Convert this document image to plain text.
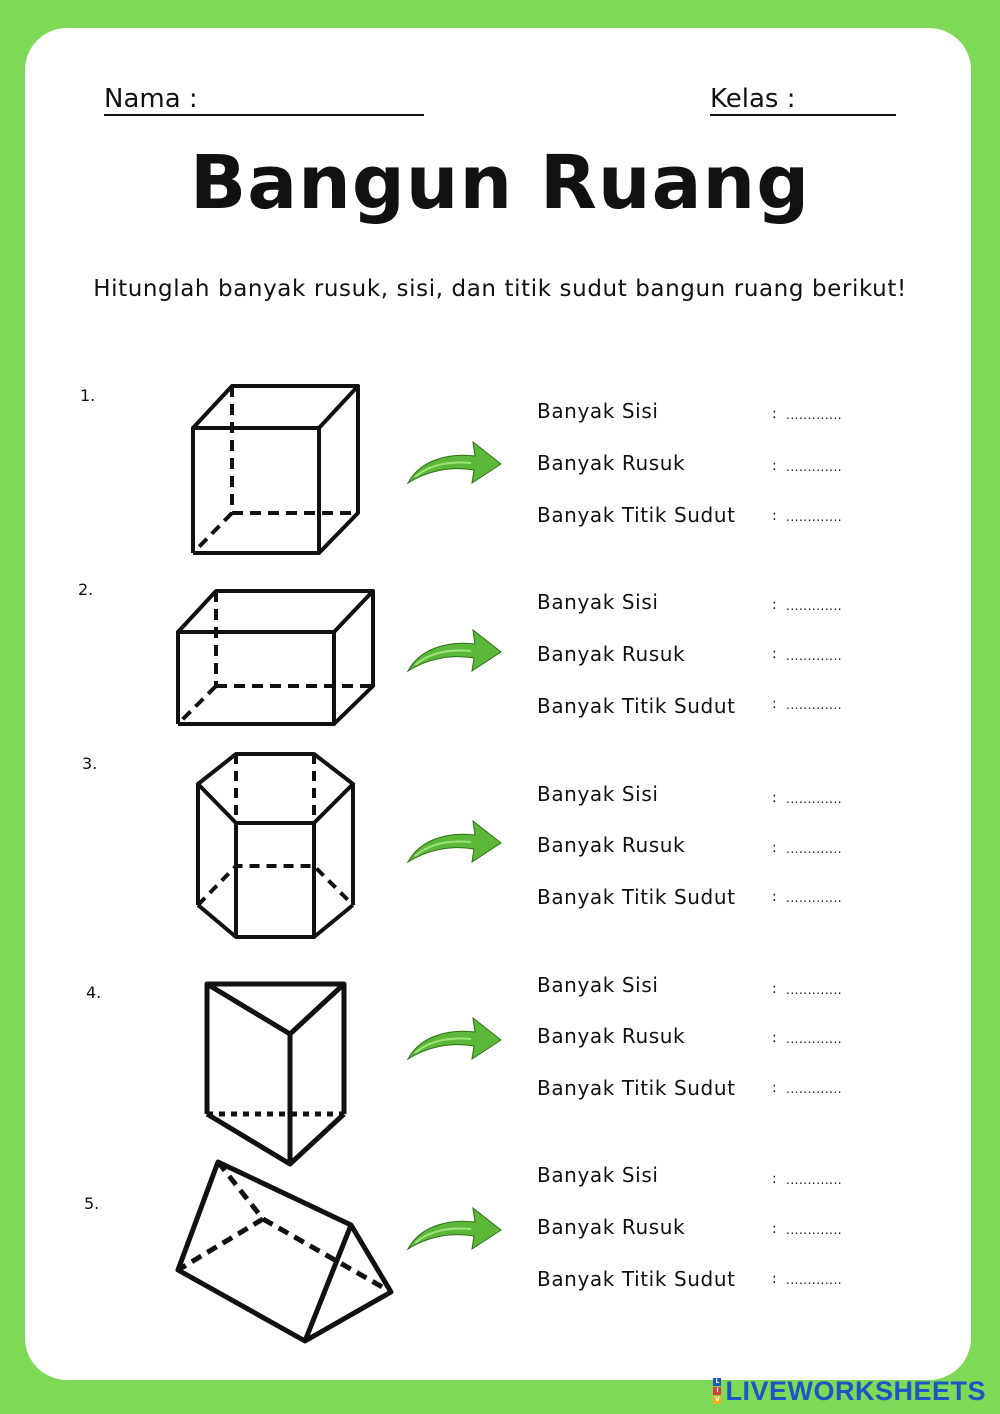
Nama :	Kelas :
Bangun Ruang
Hitunglah banyak rusuk, sisi, dan titik sudut bangun ruang berikut!
1.
2.
3.
4.
5.
Banyak Sisi	: .............
Banyak Rusuk	: .............
Banyak Titik Sudut	: .............
Banyak Sisi	: .............
Banyak Rusuk	: .............
Banyak Titik Sudut	: .............
Banyak Sisi	: .............
Banyak Rusuk	: .............
Banyak Titik Sudut	: .............
Banyak Sisi	: .............
Banyak Rusuk	: .............
Banyak Titik Sudut	: .............
Banyak Sisi	: .............
Banyak Rusuk	: .............
Banyak Titik Sudut	: .............
L
I
V LIVEWORKSHEETS
